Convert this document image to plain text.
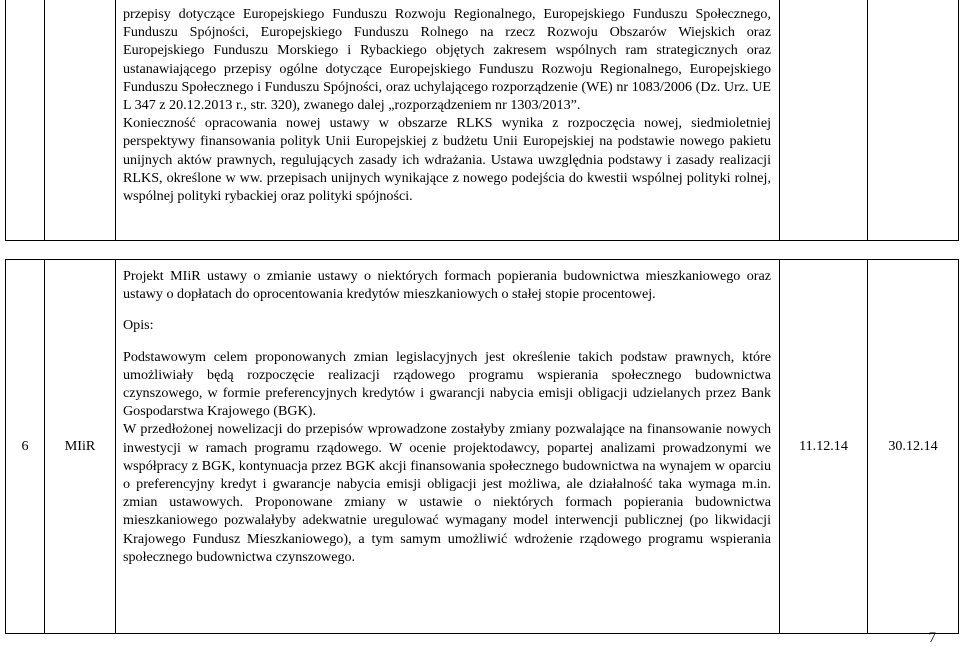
przepisy dotyczące Europejskiego Funduszu Rozwoju Regionalnego, Europejskiego Funduszu Społecznego, Funduszu Spójności, Europejskiego Funduszu Rolnego na rzecz Rozwoju Obszarów Wiejskich oraz Europejskiego Funduszu Morskiego i Rybackiego objętych zakresem wspólnych ram strategicznych oraz ustanawiającego przepisy ogólne dotyczące Europejskiego Funduszu Rozwoju Regionalnego, Europejskiego Funduszu Społecznego i Funduszu Spójności, oraz uchylającego rozporządzenie (WE) nr 1083/2006 (Dz. Urz. UE L 347 z 20.12.2013 r., str. 320), zwanego dalej „rozporządzeniem nr 1303/2013”.

Konieczność opracowania nowej ustawy w obszarze RLKS wynika z rozpoczęcia nowej, siedmioletniej perspektywy finansowania polityk Unii Europejskiej z budżetu Unii Europejskiej na podstawie nowego pakietu unijnych aktów prawnych, regulujących zasady ich wdrażania. Ustawa uwzględnia podstawy i zasady realizacji RLKS, określone w ww. przepisach unijnych wynikające z nowego podejścia do kwestii wspólnej polityki rolnej, wspólnej polityki rybackiej oraz polityki spójności.

6	MIiR

Projekt MIiR ustawy o zmianie ustawy o niektórych formach popierania budownictwa mieszkaniowego oraz ustawy o dopłatach do oprocentowania kredytów mieszkaniowych o stałej stopie procentowej.

Opis:

Podstawowym celem proponowanych zmian legislacyjnych jest określenie takich podstaw prawnych, które umożliwiały będą rozpoczęcie realizacji rządowego programu wspierania społecznego budownictwa czynszowego, w formie preferencyjnych kredytów i gwarancji nabycia emisji obligacji udzielanych przez Bank Gospodarstwa Krajowego (BGK).

W przedłożonej nowelizacji do przepisów wprowadzone zostałyby zmiany pozwalające na finansowanie nowych inwestycji w ramach programu rządowego. W ocenie projektodawcy, popartej analizami prowadzonymi we współpracy z BGK, kontynuacja przez BGK akcji finansowania społecznego budownictwa na wynajem w oparciu o preferencyjny kredyt i gwarancje nabycia emisji obligacji jest możliwa, ale działalność taka wymaga m.in. zmian ustawowych. Proponowane zmiany w ustawie o niektórych formach popierania budownictwa mieszkaniowego pozwalałyby adekwatnie uregulować wymagany model interwencji publicznej (po likwidacji Krajowego Fundusz Mieszkaniowego), a tym samym umożliwić wdrożenie rządowego programu wspierania społecznego budownictwa czynszowego.

11.12.14	30.12.14
7
